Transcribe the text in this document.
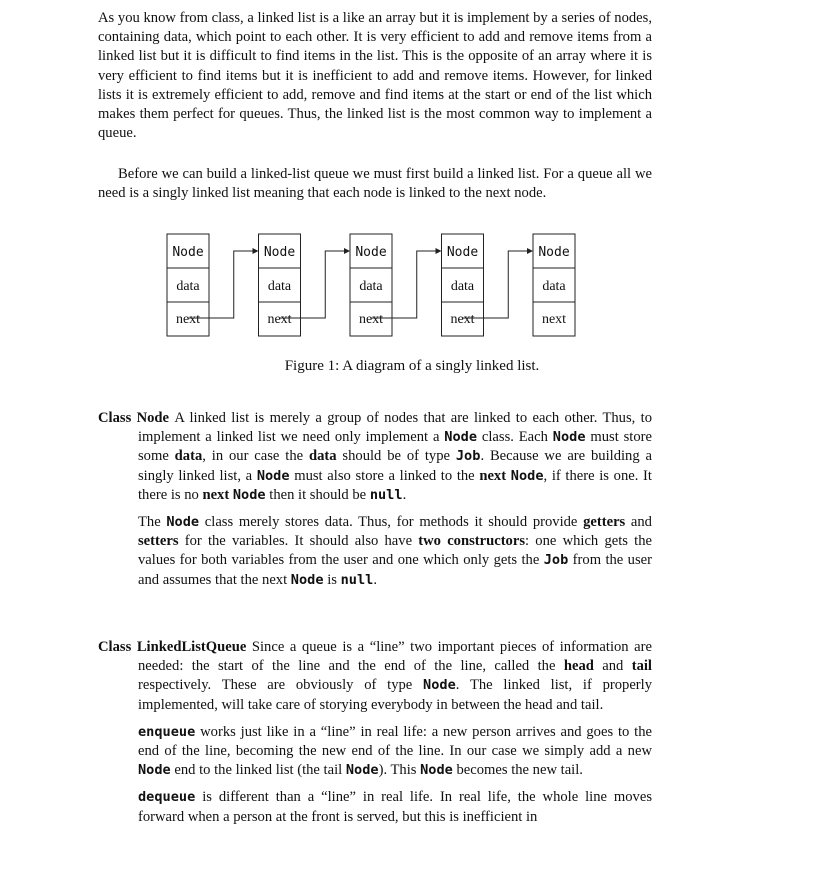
As you know from class, a linked list is a like an array but it is implement by a series of nodes, containing data, which point to each other. It is very efficient to add and remove items from a linked list but it is difficult to find items in the list. This is the opposite of an array where it is very efficient to find items but it is inefficient to add and remove items. However, for linked lists it is extremely efficient to add, remove and find items at the start or end of the list which makes them perfect for queues. Thus, the linked list is the most common way to implement a queue.

Before we can build a linked-list queue we must first build a linked list. For a queue all we need is a singly linked list meaning that each node is linked to the next node.

Node
data
next
Node
data
next
Node
data
next
Node
data
next
Node
data
next
Figure 1: A diagram of a singly linked list.

Class Node A linked list is merely a group of nodes that are linked to each other. Thus, to implement a linked list we need only implement a Node class. Each Node must store some data, in our case the data should be of type Job. Because we are building a singly linked list, a Node must also store a linked to the next Node, if there is one. It there is no next Node then it should be null.

The Node class merely stores data. Thus, for methods it should provide getters and setters for the variables. It should also have two constructors: one which gets the values for both variables from the user and one which only gets the Job from the user and assumes that the next Node is null.

Class LinkedListQueue Since a queue is a “line” two important pieces of information are needed: the start of the line and the end of the line, called the head and tail respectively. These are obviously of type Node. The linked list, if properly implemented, will take care of storying everybody in between the head and tail.

enqueue works just like in a “line” in real life: a new person arrives and goes to the end of the line, becoming the new end of the line. In our case we simply add a new Node end to the linked list (the tail Node). This Node becomes the new tail.

dequeue is different than a “line” in real life. In real life, the whole line moves forward when a person at the front is served, but this is inefficient in
